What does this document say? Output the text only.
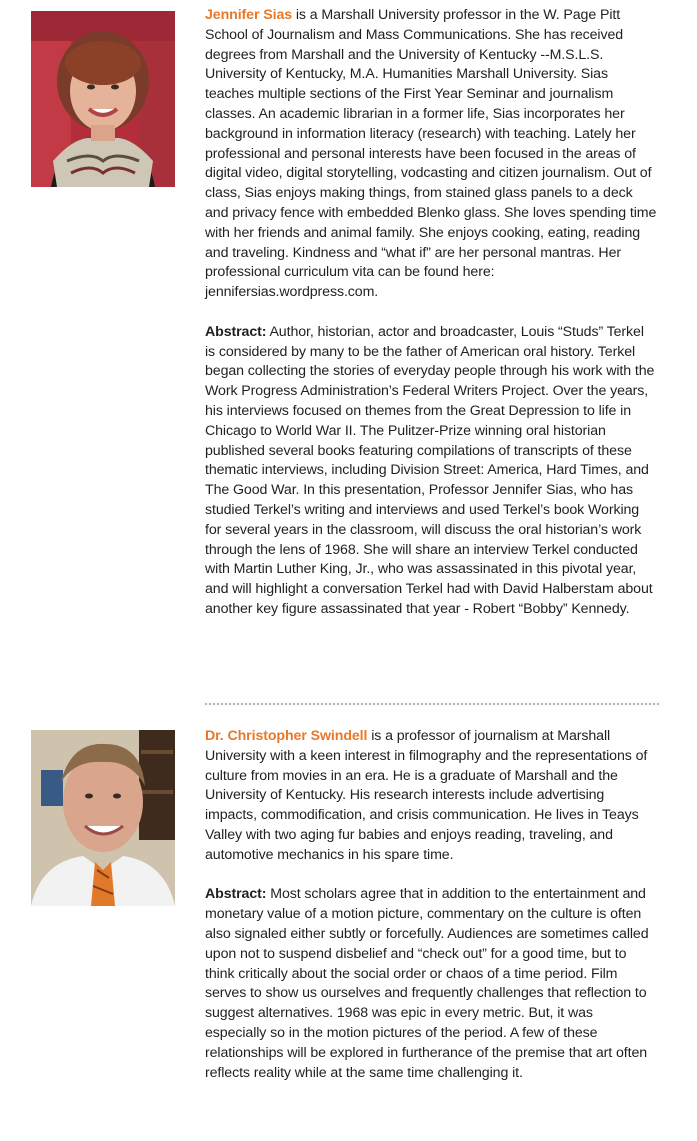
Jennifer Sias is a Marshall University professor in the W. Page Pitt School of Journalism and Mass Communications. She has received degrees from Marshall and the University of Kentucky --M.S.L.S. University of Kentucky, M.A. Humanities Marshall University. Sias teaches multiple sections of the First Year Seminar and journalism classes. An academic librarian in a former life, Sias incorporates her background in information literacy (research) with teaching. Lately her professional and personal interests have been focused in the areas of digital video, digital storytelling, vodcasting and citizen journalism. Out of class, Sias enjoys making things, from stained glass panels to a deck and privacy fence with embedded Blenko glass. She loves spending time with her friends and animal family. She enjoys cooking, eating, reading and traveling. Kindness and “what if” are her personal mantras. Her professional curriculum vita can be found here: jennifersias.wordpress.com.

Abstract: Author, historian, actor and broadcaster, Louis “Studs” Terkel is considered by many to be the father of American oral history. Terkel began collecting the stories of everyday people through his work with the Work Progress Administration’s Federal Writers Project. Over the years, his interviews focused on themes from the Great Depression to life in Chicago to World War II. The Pulitzer-Prize winning oral historian published several books featuring compilations of transcripts of these thematic interviews, including Division Street: America, Hard Times, and The Good War. In this presentation, Professor Jennifer Sias, who has studied Terkel’s writing and interviews and used Terkel’s book Working for several years in the classroom, will discuss the oral historian’s work through the lens of 1968. She will share an interview Terkel conducted with Martin Luther King, Jr., who was assassinated in this pivotal year, and will highlight a conversation Terkel had with David Halberstam about another key figure assassinated that year - Robert “Bobby” Kennedy.

Dr. Christopher Swindell is a professor of journalism at Marshall University with a keen interest in filmography and the representations of culture from movies in an era. He is a graduate of Marshall and the University of Kentucky. His research interests include advertising impacts, commodification, and crisis communication. He lives in Teays Valley with two aging fur babies and enjoys reading, traveling, and automotive mechanics in his spare time.

Abstract: Most scholars agree that in addition to the entertainment and monetary value of a motion picture, commentary on the culture is often also signaled either subtly or forcefully. Audiences are sometimes called upon not to suspend disbelief and “check out” for a good time, but to think critically about the social order or chaos of a time period. Film serves to show us ourselves and frequently challenges that reflection to suggest alternatives. 1968 was epic in every metric. But, it was especially so in the motion pictures of the period. A few of these relationships will be explored in furtherance of the premise that art often reflects reality while at the same time challenging it.
